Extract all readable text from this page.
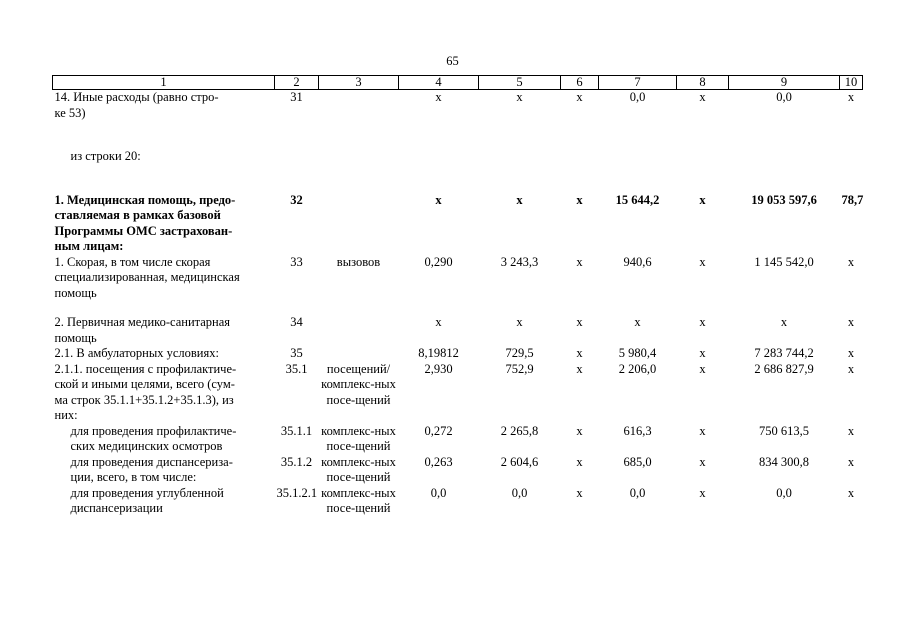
65
1	2	3	4	5	6	7	8	9	10

14. Иные расходы (равно стро-
ке 53)	31		х	х	х	0,0	х	0,0	х

из строки 20:									

1. Медицинская помощь, предо-
ставляемая в рамках базовой
Программы ОМС застрахован-
ным лицам:	32		х	х	х	15 644,2	х	19 053 597,6	78,7

1. Скорая, в том числе скорая
специализированная, медицинская
помощь	33	вызовов	0,290	3 243,3	х	940,6	х	1 145 542,0	х

2. Первичная медико-санитарная
помощь	34		х	х	х	х	х	х	х

2.1. В амбулаторных условиях:	35		8,19812	729,5	х	5 980,4	х	7 283 744,2	х

2.1.1. посещения с профилактиче-
ской и иными целями, всего (сум-
ма строк 35.1.1+35.1.2+35.1.3), из
них:	35.1	посещений/ комплекс-ных посе-щений	2,930	752,9	х	2 206,0	х	2 686 827,9	х

для проведения профилактиче-
ских медицинских осмотров	35.1.1	комплекс-ных посе-щений	0,272	2 265,8	х	616,3	х	750 613,5	х

для проведения диспансериза-
ции, всего, в том числе:	35.1.2	комплекс-ных посе-щений	0,263	2 604,6	х	685,0	х	834 300,8	х

для проведения углубленной
диспансеризации	35.1.2.1	комплекс-ных посе-щений	0,0	0,0	х	0,0	х	0,0	х
